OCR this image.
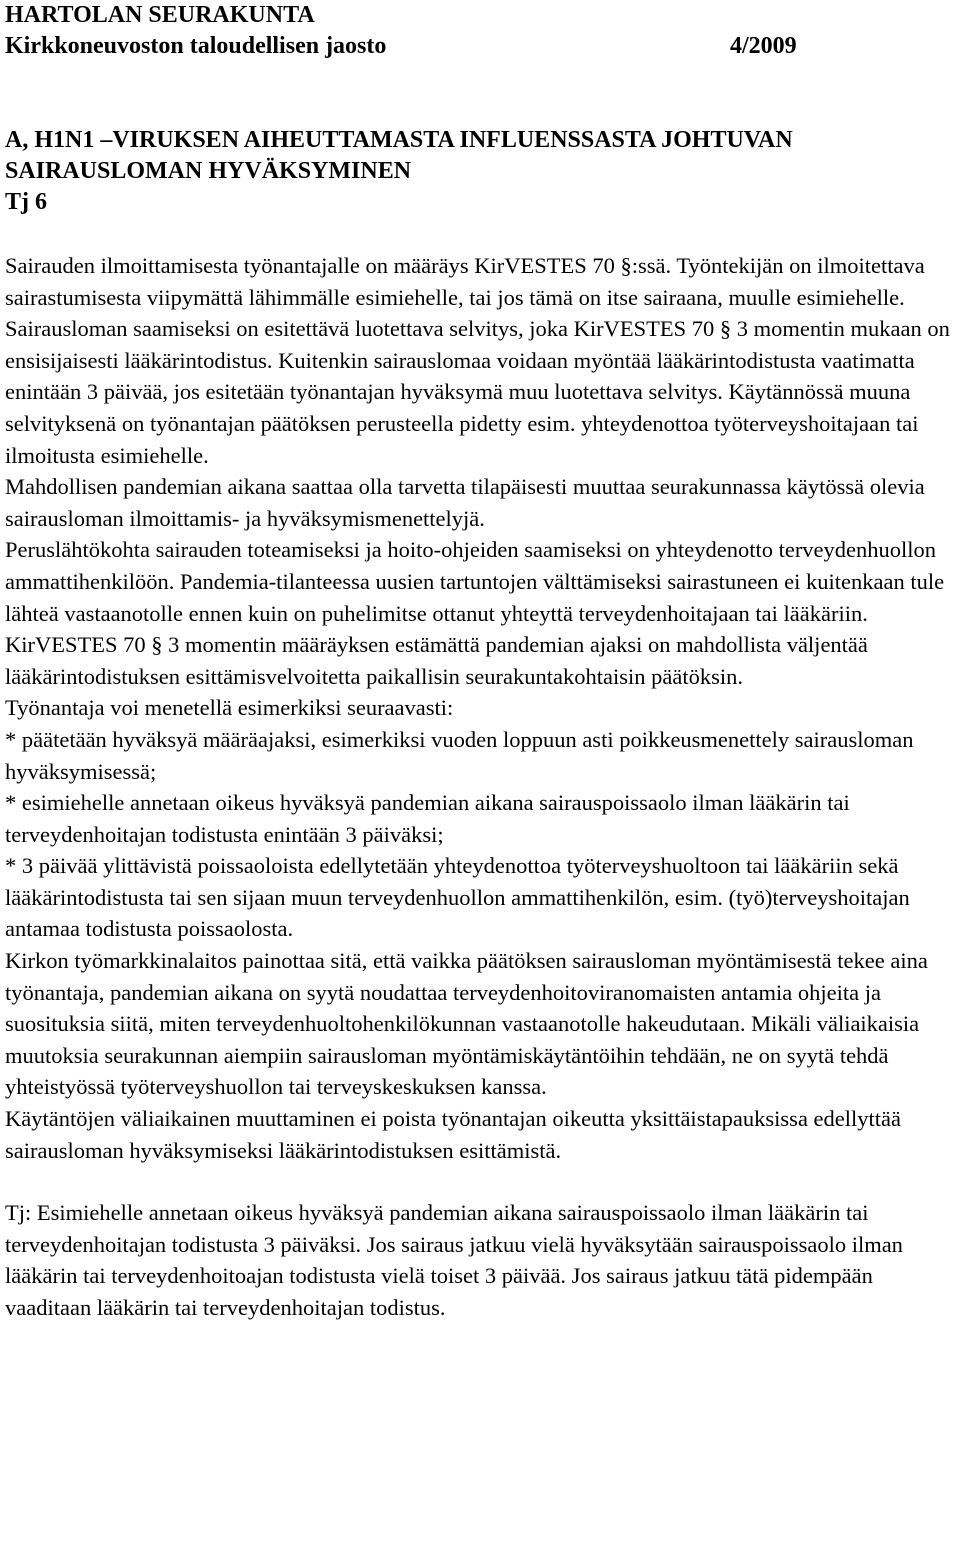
HARTOLAN SEURAKUNTA
Kirkkoneuvoston taloudellisen jaosto	4/2009
A, H1N1 –VIRUKSEN AIHEUTTAMASTA INFLUENSSASTA JOHTUVAN
SAIRAUSLOMAN HYVÄKSYMINEN
Tj 6

Sairauden ilmoittamisesta työnantajalle on määräys KirVESTES 70 §:ssä. Työntekijän on ilmoitettava sairastumisesta viipymättä lähimmälle esimiehelle, tai jos tämä on itse sairaana, muulle esimiehelle. Sairausloman saamiseksi on esitettävä luotettava selvitys, joka KirVESTES 70 § 3 momentin mukaan on ensisijaisesti lääkärintodistus. Kuitenkin sairauslomaa voidaan myöntää lääkärintodistusta vaatimatta enintään 3 päivää, jos esitetään työnantajan hyväksymä muu luotettava selvitys. Käytännössä muuna selvityksenä on työnantajan päätöksen perusteella pidetty esim. yhteydenottoa työterveyshoitajaan tai ilmoitusta esimiehelle.

Mahdollisen pandemian aikana saattaa olla tarvetta tilapäisesti muuttaa seurakunnassa käytössä olevia sairausloman ilmoittamis- ja hyväksymismenettelyjä.

Peruslähtökohta sairauden toteamiseksi ja hoito-ohjeiden saamiseksi on yhteydenotto terveydenhuollon ammattihenkilöön. Pandemia-tilanteessa uusien tartuntojen välttämiseksi sairastuneen ei kuitenkaan tule lähteä vastaanotolle ennen kuin on puhelimitse ottanut yhteyttä terveydenhoitajaan tai lääkäriin.

KirVESTES 70 § 3 momentin määräyksen estämättä pandemian ajaksi on mahdollista väljentää lääkärintodistuksen esittämisvelvoitetta paikallisin seurakuntakohtaisin päätöksin.

Työnantaja voi menetellä esimerkiksi seuraavasti:

* päätetään hyväksyä määräajaksi, esimerkiksi vuoden loppuun asti poikkeusmenettely sairausloman hyväksymisessä;

* esimiehelle annetaan oikeus hyväksyä pandemian aikana sairauspoissaolo ilman lääkärin tai terveydenhoitajan todistusta enintään 3 päiväksi;

* 3 päivää ylittävistä poissaoloista edellytetään yhteydenottoa työterveyshuoltoon tai lääkäriin sekä lääkärintodistusta tai sen sijaan muun terveydenhuollon ammattihenkilön, esim. (työ)terveyshoitajan antamaa todistusta poissaolosta.

Kirkon työmarkkinalaitos painottaa sitä, että vaikka päätöksen sairausloman myöntämisestä tekee aina työnantaja, pandemian aikana on syytä noudattaa terveydenhoitoviranomaisten antamia ohjeita ja suosituksia siitä, miten terveydenhuoltohenkilökunnan vastaanotolle hakeudutaan. Mikäli väliaikaisia muutoksia seurakunnan aiempiin sairausloman myöntämiskäytäntöihin tehdään, ne on syytä tehdä yhteistyössä työterveyshuollon tai terveyskeskuksen kanssa.

Käytäntöjen väliaikainen muuttaminen ei poista työnantajan oikeutta yksittäistapauksissa edellyttää sairausloman hyväksymiseksi lääkärintodistuksen esittämistä.

Tj: Esimiehelle annetaan oikeus hyväksyä pandemian aikana sairauspoissaolo ilman lääkärin tai terveydenhoitajan todistusta 3 päiväksi. Jos sairaus jatkuu vielä hyväksytään sairauspoissaolo ilman lääkärin tai terveydenhoitoajan todistusta vielä toiset 3 päivää. Jos sairaus jatkuu tätä pidempään vaaditaan lääkärin tai terveydenhoitajan todistus.
